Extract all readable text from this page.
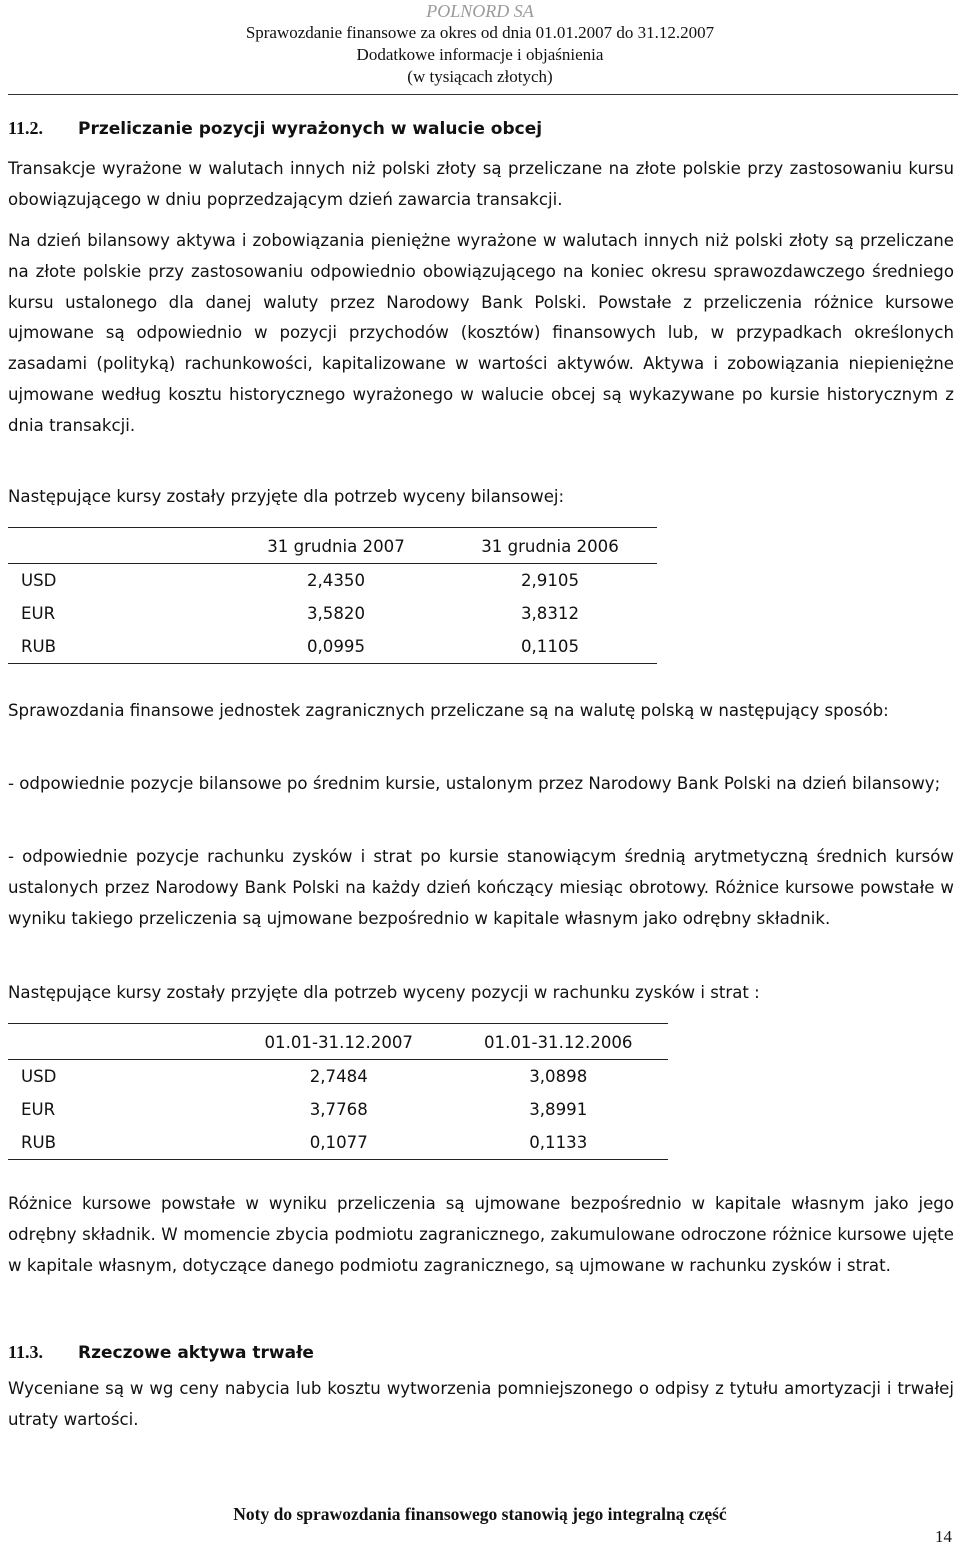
POLNORD SA
Sprawozdanie finansowe za okres od dnia 01.01.2007 do 31.12.2007
Dodatkowe informacje i objaśnienia
(w tysiącach złotych)
11.2. Przeliczanie pozycji wyrażonych w walucie obcej
Transakcje wyrażone w walutach innych niż polski złoty są przeliczane na złote polskie przy zastosowaniu kursu obowiązującego w dniu poprzedzającym dzień zawarcia transakcji.
Na dzień bilansowy aktywa i zobowiązania pieniężne wyrażone w walutach innych niż polski złoty są przeliczane na złote polskie przy zastosowaniu odpowiednio obowiązującego na koniec okresu sprawozdawczego średniego kursu ustalonego dla danej waluty przez Narodowy Bank Polski. Powstałe z przeliczenia różnice kursowe ujmowane są odpowiednio w pozycji przychodów (kosztów) finansowych lub, w przypadkach określonych zasadami (polityką) rachunkowości, kapitalizowane w wartości aktywów. Aktywa i zobowiązania niepieniężne ujmowane według kosztu historycznego wyrażonego w walucie obcej są wykazywane po kursie historycznym z dnia transakcji.
Następujące kursy zostały przyjęte dla potrzeb wyceny bilansowej:
	31 grudnia 2007	31 grudnia 2006
USD	2,4350	2,9105
EUR	3,5820	3,8312
RUB	0,0995	0,1105
Sprawozdania finansowe jednostek zagranicznych przeliczane są na walutę polską w następujący sposób:
- odpowiednie pozycje bilansowe po średnim kursie, ustalonym przez Narodowy Bank Polski na dzień bilansowy;
- odpowiednie pozycje rachunku zysków i strat po kursie stanowiącym średnią arytmetyczną średnich kursów ustalonych przez Narodowy Bank Polski na każdy dzień kończący miesiąc obrotowy. Różnice kursowe powstałe w wyniku takiego przeliczenia są ujmowane bezpośrednio w kapitale własnym jako odrębny składnik.
Następujące kursy zostały przyjęte dla potrzeb wyceny pozycji w rachunku zysków i strat :
	01.01-31.12.2007	01.01-31.12.2006
USD	2,7484	3,0898
EUR	3,7768	3,8991
RUB	0,1077	0,1133
Różnice kursowe powstałe w wyniku przeliczenia są ujmowane bezpośrednio w kapitale własnym jako jego odrębny składnik. W momencie zbycia podmiotu zagranicznego, zakumulowane odroczone różnice kursowe ujęte w kapitale własnym, dotyczące danego podmiotu zagranicznego, są ujmowane w rachunku zysków i strat.
11.3. Rzeczowe aktywa trwałe
Wyceniane są w wg ceny nabycia lub kosztu wytworzenia pomniejszonego o odpisy z tytułu amortyzacji i trwałej utraty wartości.
Noty do sprawozdania finansowego stanowią jego integralną część
14
